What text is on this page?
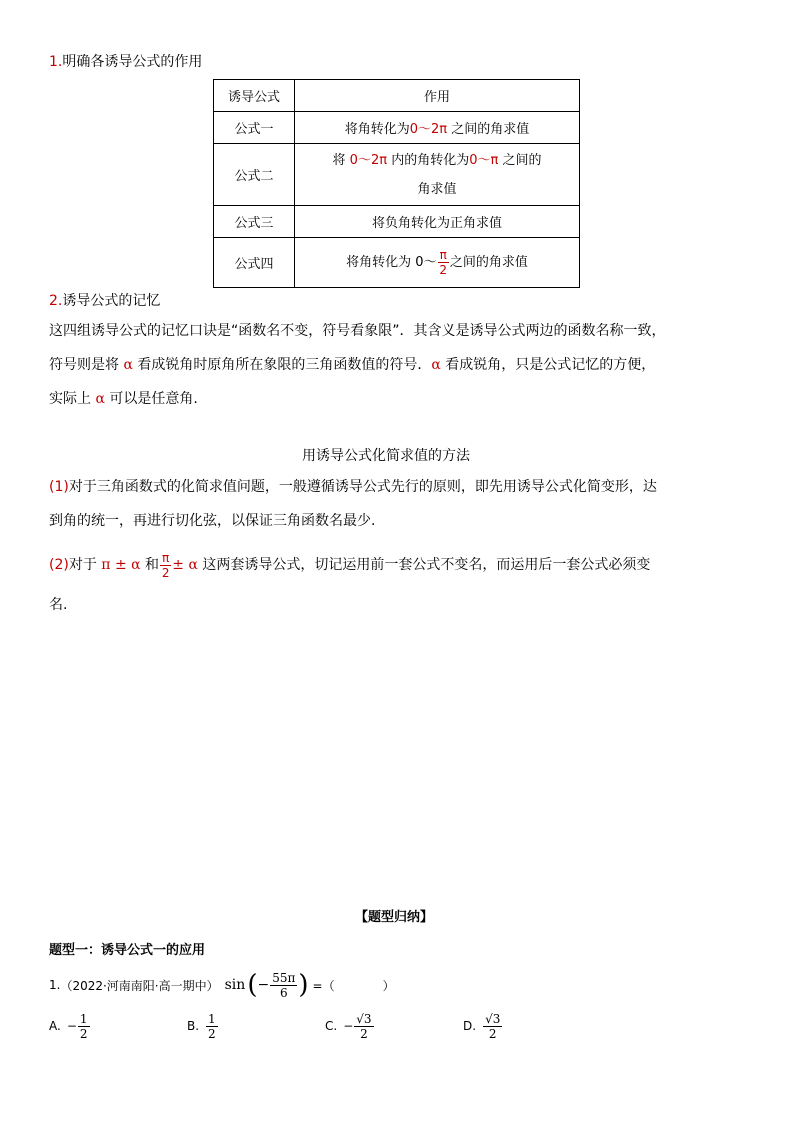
1.明确各诱导公式的作用
诱导公式	作用
公式一	将角转化为0～2π 之间的角求值
公式二	将 0～2π 内的角转化为0～π 之间的
角求值
公式三	将负角转化为正角求值
公式四	将角转化为 0～ $\frac{\pi}{2}$ 之间的角求值
2.诱导公式的记忆
这四组诱导公式的记忆口诀是“函数名不变，符号看象限”．其含义是诱导公式两边的函数名称一致，
符号则是将 α 看成锐角时原角所在象限的三角函数值的符号．α 看成锐角，只是公式记忆的方便，
实际上 α 可以是任意角.
用诱导公式化简求值的方法
(1)对于三角函数式的化简求值问题，一般遵循诱导公式先行的原则，即先用诱导公式化简变形，达
到角的统一，再进行切化弦，以保证三角函数名最少.
(2)对于 π ± α 和 $\frac{\pi}{2} \pm \alpha$ 这两套诱导公式，切记运用前一套公式不变名，而运用后一套公式必须变
名.
【题型归纳】
题型一：诱导公式一的应用
1. （2022·河南南阳·高一期中） sin ( − $\frac{55\pi}{6}$ ) =（　　　　）
A. − $\frac{1}{2}$	B. $\frac{1}{2}$	C. − $\frac{√3}{2}$	D. $\frac{√3}{2}$
